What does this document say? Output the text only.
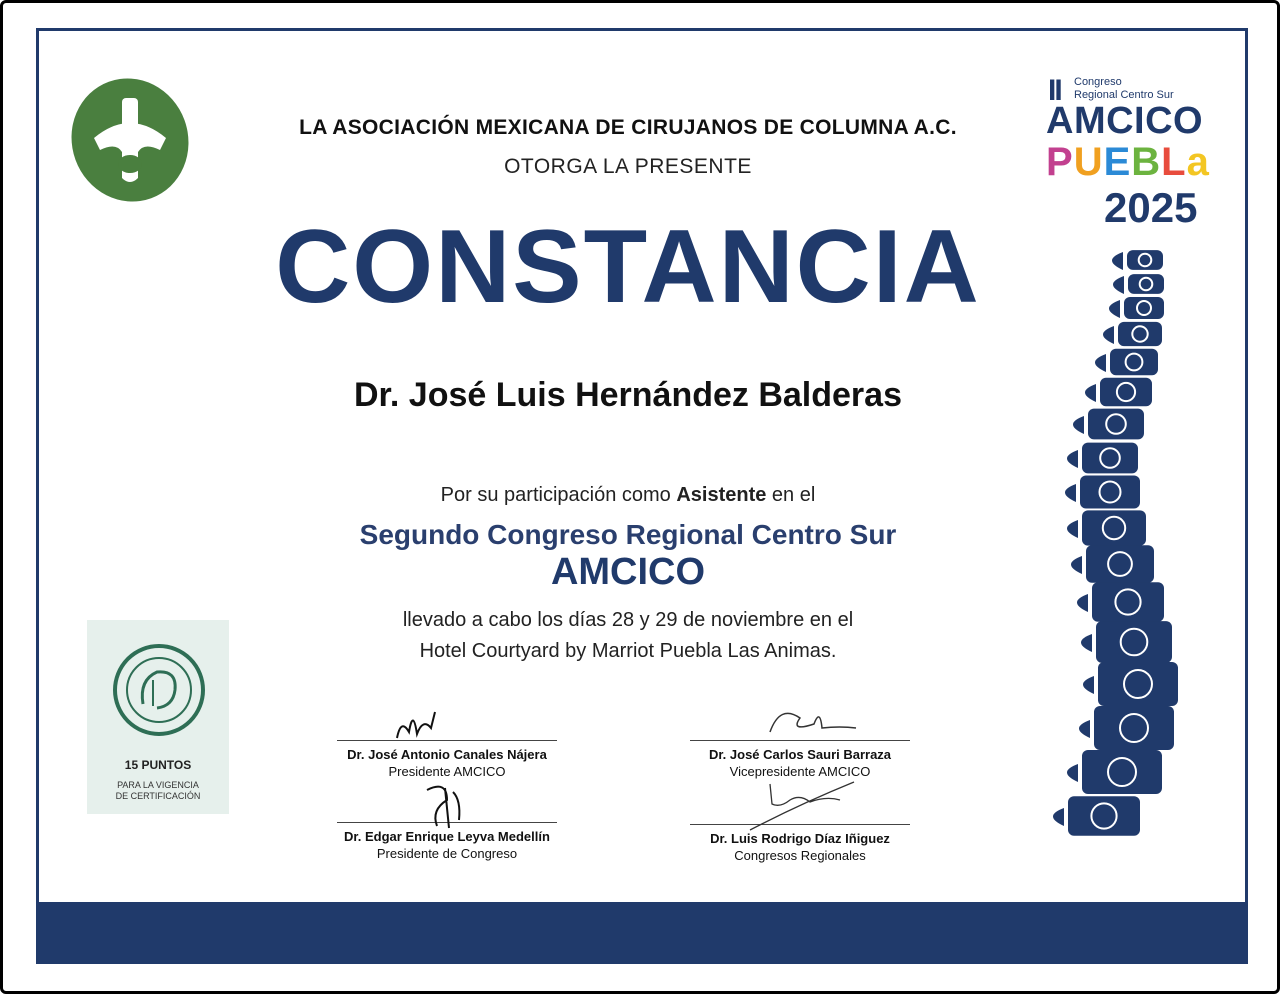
LA ASOCIACIÓN MEXICANA DE CIRUJANOS DE COLUMNA A.C.
OTORGA LA PRESENTE
CONSTANCIA
Dr. José Luis Hernández Balderas
Por su participación como Asistente en el
Segundo Congreso Regional Centro Sur
AMCICO
llevado a cabo los días 28 y 29 de noviembre en el
Hotel Courtyard by Marriot Puebla Las Animas.
15 PUNTOS
PARA LA VIGENCIA
DE CERTIFICACIÓN
II Congreso
Regional Centro Sur
AMCICO
PUEBLa
2025
Dr. José Antonio Canales Nájera
Presidente AMCICO
Dr. José Carlos Sauri Barraza
Vicepresidente AMCICO
Dr. Edgar Enrique Leyva Medellín
Presidente de Congreso
Dr. Luis Rodrigo Díaz Iñiguez
Congresos Regionales
